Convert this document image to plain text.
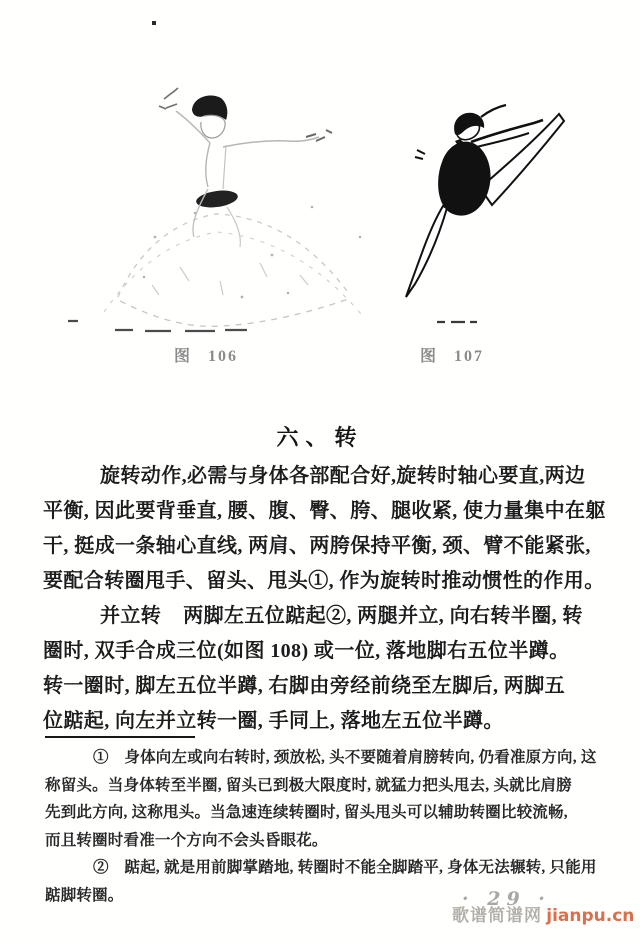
图 106	图 107
六、转
旋转动作,必需与身体各部配合好,旋转时轴心要直,两边
平衡, 因此要背垂直, 腰、腹、臀、胯、腿收紧, 使力量集中在躯
干, 挺成一条轴心直线, 两肩、两胯保持平衡, 颈、臂不能紧张,
要配合转圈甩手、留头、甩头①, 作为旋转时推动惯性的作用。
并立转 两脚左五位踮起②, 两腿并立, 向右转半圈, 转
圈时, 双手合成三位(如图 108) 或一位, 落地脚右五位半蹲。
转一圈时, 脚左五位半蹲, 右脚由旁经前绕至左脚后, 两脚五
位踮起, 向左并立转一圈, 手同上, 落地左五位半蹲。
①　身体向左或向右转时, 颈放松, 头不要随着肩膀转向, 仍看准原方向, 这
称留头。当身体转至半圈, 留头已到极大限度时, 就猛力把头甩去, 头就比肩膀
先到此方向, 这称甩头。当急速连续转圈时, 留头甩头可以辅助转圈比较流畅,
而且转圈时看准一个方向不会头昏眼花。
②　踮起, 就是用前脚掌踏地, 转圈时不能全脚踏平, 身体无法辗转, 只能用
踮脚转圈。	· 29 ·
歌谱简谱网 jianpu.cn
